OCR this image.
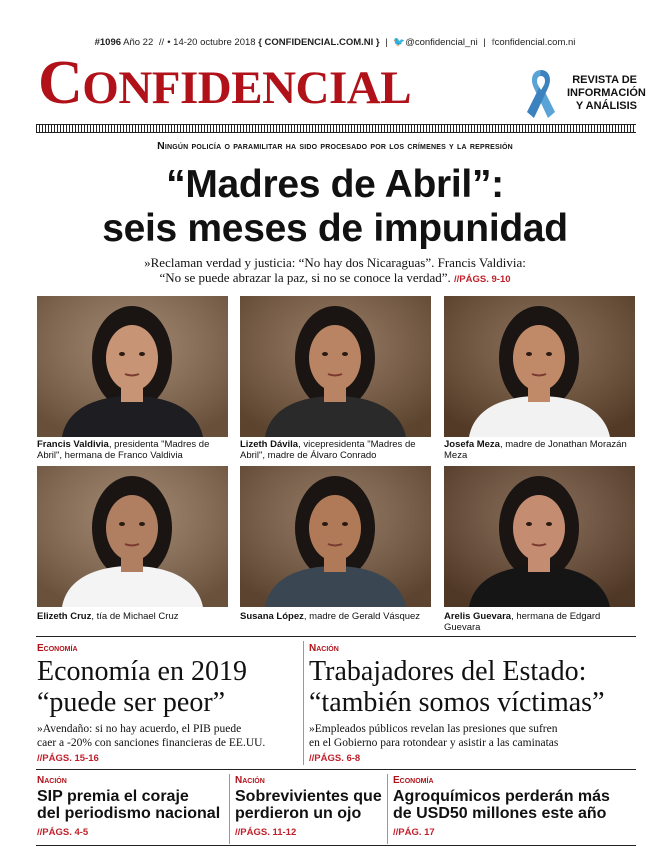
#1096 Año 22 // • 14-20 octubre 2018 { CONFIDENCIAL.COM.NI } | 🐦@confidencial_ni | fconfidencial.com.ni
CONFIDENCIAL	REVISTA DE
INFORMACIÓN
Y ANÁLISIS
Ningún policía o paramilitar ha sido procesado por los crímenes y la represión
“Madres de Abril”:
seis meses de impunidad
»Reclaman verdad y justicia: “No hay dos Nicaraguas”. Francis Valdivia:
“No se puede abrazar la paz, si no se conoce la verdad”. //PÁGS. 9-10
Francis Valdivia, presidenta "Madres de Abril", hermana de Franco Valdivia
Lizeth Dávila, vicepresidenta "Madres de Abril", madre de Álvaro Conrado
Josefa Meza, madre de Jonathan Morazán Meza
Elizeth Cruz, tía de Michael Cruz	Susana López, madre de Gerald Vásquez	Arelis Guevara, hermana de Edgard Guevara
Economía
Economía en 2019
“puede ser peor”
»Avendaño: si no hay acuerdo, el PIB puede
caer a -20% con sanciones financieras de EE.UU.
//PÁGS. 15-16
Nación
Trabajadores del Estado:
“también somos víctimas”
»Empleados públicos revelan las presiones que sufren
en el Gobierno para rotondear y asistir a las caminatas
//PÁGS. 6-8
Nación
SIP premia el coraje
del periodismo nacional
//PÁGS. 4-5
Nación
Sobrevivientes que
perdieron un ojo
//PÁGS. 11-12
Economía
Agroquímicos perderán más
de USD50 millones este año
//PÁG. 17
